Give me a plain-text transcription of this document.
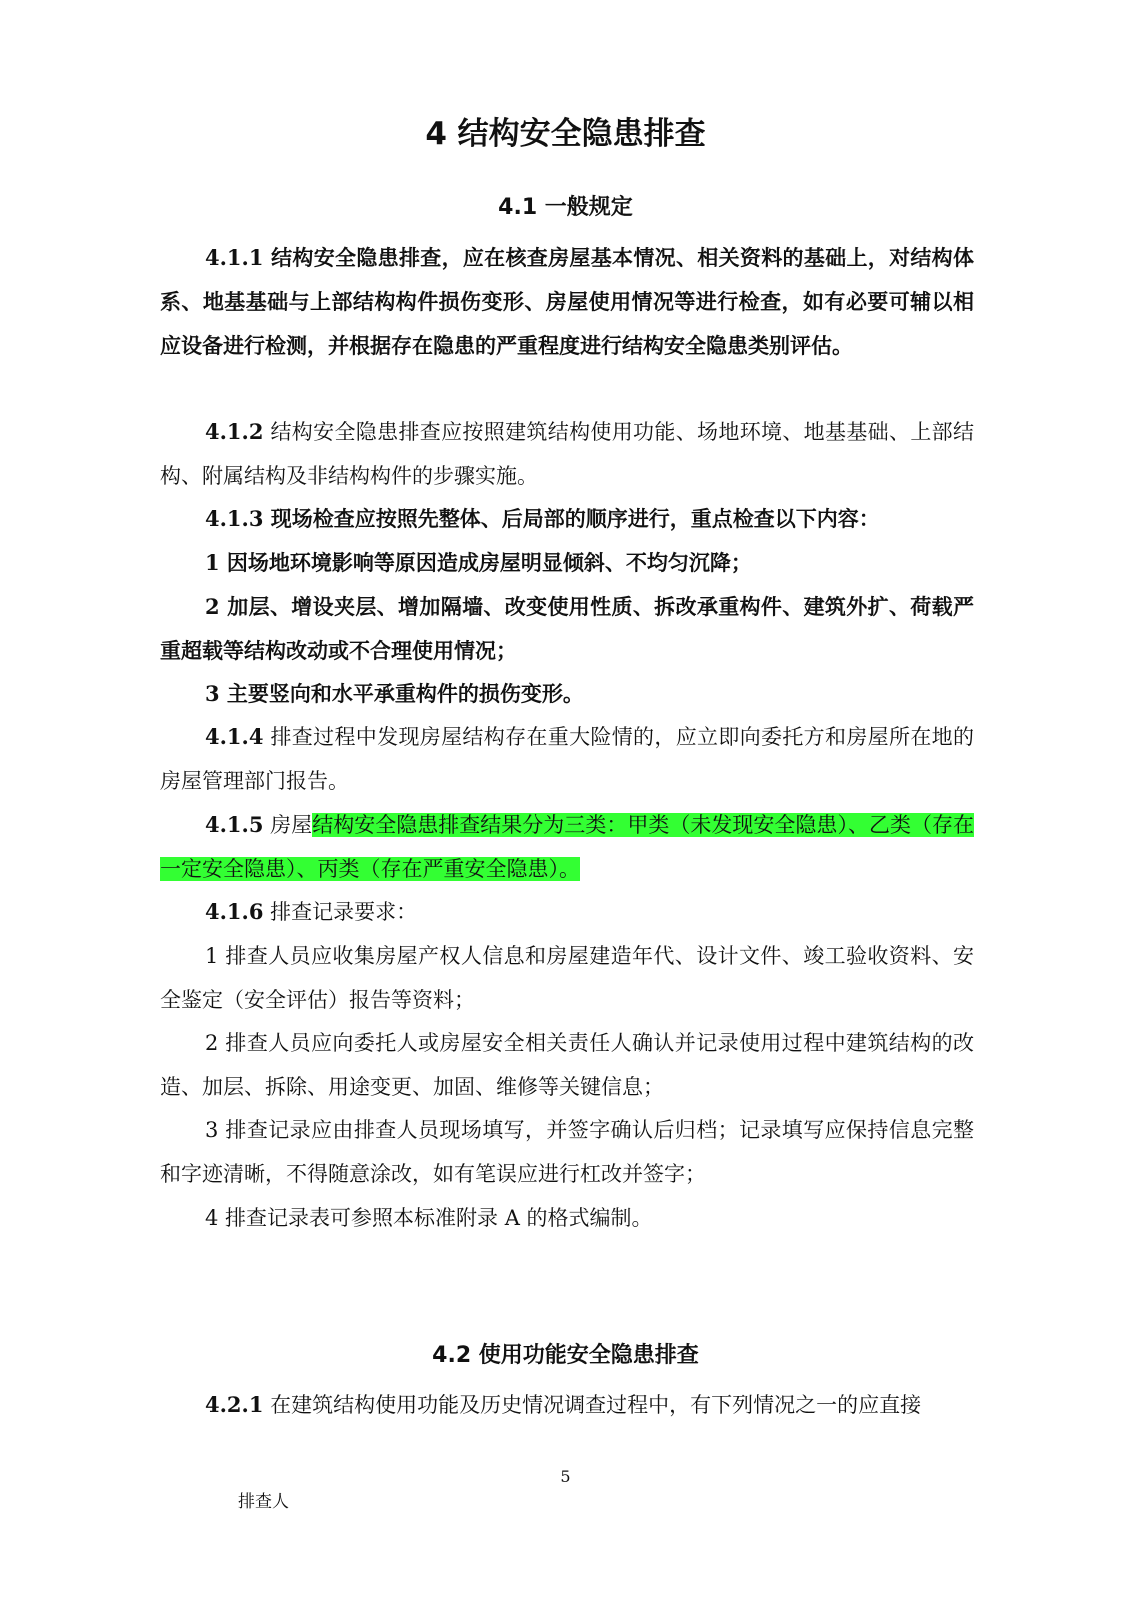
4 结构安全隐患排查
4.1 一般规定

4.1.1 结构安全隐患排查，应在核查房屋基本情况、相关资料的基础上，对结构体系、地基基础与上部结构构件损伤变形、房屋使用情况等进行检查，如有必要可辅以相应设备进行检测，并根据存在隐患的严重程度进行结构安全隐患类别评估。

4.1.2 结构安全隐患排查应按照建筑结构使用功能、场地环境、地基基础、上部结构、附属结构及非结构构件的步骤实施。

4.1.3 现场检查应按照先整体、后局部的顺序进行，重点检查以下内容：

1 因场地环境影响等原因造成房屋明显倾斜、不均匀沉降；

2 加层、增设夹层、增加隔墙、改变使用性质、拆改承重构件、建筑外扩、荷载严重超载等结构改动或不合理使用情况；

3 主要竖向和水平承重构件的损伤变形。

4.1.4 排查过程中发现房屋结构存在重大险情的，应立即向委托方和房屋所在地的房屋管理部门报告。

4.1.5 房屋结构安全隐患排查结果分为三类：甲类（未发现安全隐患）、乙类（存在一定安全隐患）、丙类（存在严重安全隐患）。

4.1.6 排查记录要求：

1 排查人员应收集房屋产权人信息和房屋建造年代、设计文件、竣工验收资料、安全鉴定（安全评估）报告等资料；

2 排查人员应向委托人或房屋安全相关责任人确认并记录使用过程中建筑结构的改造、加层、拆除、用途变更、加固、维修等关键信息；

3 排查记录应由排查人员现场填写，并签字确认后归档；记录填写应保持信息完整和字迹清晰，不得随意涂改，如有笔误应进行杠改并签字；

4 排查记录表可参照本标准附录 A 的格式编制。

4.2 使用功能安全隐患排查

4.2.1 在建筑结构使用功能及历史情况调查过程中，有下列情况之一的应直接

5
排查人
